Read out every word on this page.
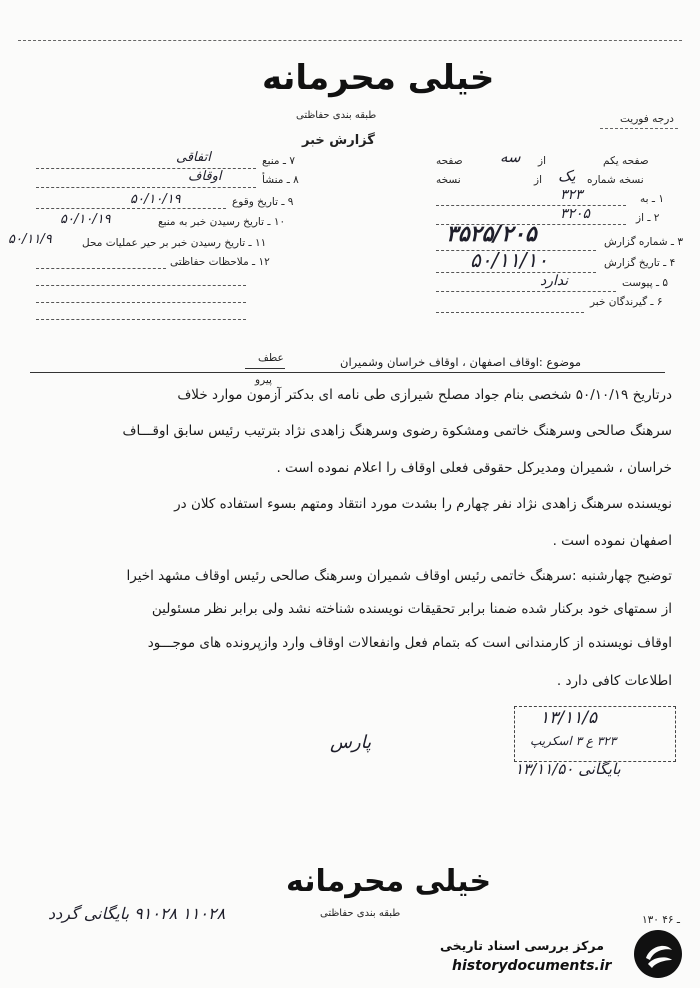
خیلی محرمانه
طبقه بندی حفاظتی	درجه فوریت
گزارش خبر
صفحه یکم
از
صفحه سه
نسخه شماره
از
نسخه	یک
۱ ـ به
۳۲۳
۲ ـ از
۳۲۰۵
۳ ـ شماره گزارش
۳۵۲۵/۲۰۵
۴ ـ تاریخ گزارش
۵۰/۱۱/۱۰
۵ ـ پیوست
ندارد
۶ ـ گیرندگان خبر
۷ ـ منبع
اتفاقی
۸ ـ منشأ
اوقاف
۹ ـ تاریخ وقوع
۵۰/۱۰/۱۹
۱۰ ـ تاریخ رسیدن خبر به منبع
۵۰/۱۰/۱۹
۱۱ ـ تاریخ رسیدن خبر بر حیر عملیات محل
۵۰/۱۱/۹
۱۲ ـ ملاحظات حفاظتی
عطف
پیرو
موضوع :اوقاف اصفهان ، اوقاف خراسان وشمیران
درتاریخ ۵۰/۱۰/۱۹ شخصی بنام جواد مصلح شیرازی طی نامه ای بدکتر آزمون موارد خلاف
سرهنگ صالحی وسرهنگ خاتمی ومشکوة رضوی وسرهنگ زاهدی نژاد بترتیب رئیس سابق اوقـــاف
خراسان ، شمیران ومدیرکل حقوقی فعلی اوقاف را اعلام نموده است .
نویسنده سرهنگ زاهدی نژاد نفر چهارم را بشدت مورد انتقاد ومتهم بسوء استفاده کلان در
اصفهان نموده است .
توضیح چهارشنبه :سرهنگ خاتمی رئیس اوقاف شمیران وسرهنگ صالحی رئیس اوقاف مشهد اخیرا
از سمتهای خود برکنار شده ضمنا برابر تحقیقات نویسنده شناخته نشد ولی برابر نظر مسئولین
اوقاف نویسنده از کارمندانی است که بتمام فعل وانفعالات اوقاف وارد وازپرونده های موجـــود
اطلاعات کافی دارد .
۱۳/۱۱/۵
۳۲۳ ع ۳ اسکریپ
بایگانی ۱۳/۱۱/۵۰
پارس
خیلی محرمانه
طبقه بندی حفاظتی
۱۳۰ ـ ۴۶
۱۱۰۲۸ ۹۱۰۲۸ بایگانی گردد
مرکز بررسی اسناد تاریخی
historydocuments.ir
